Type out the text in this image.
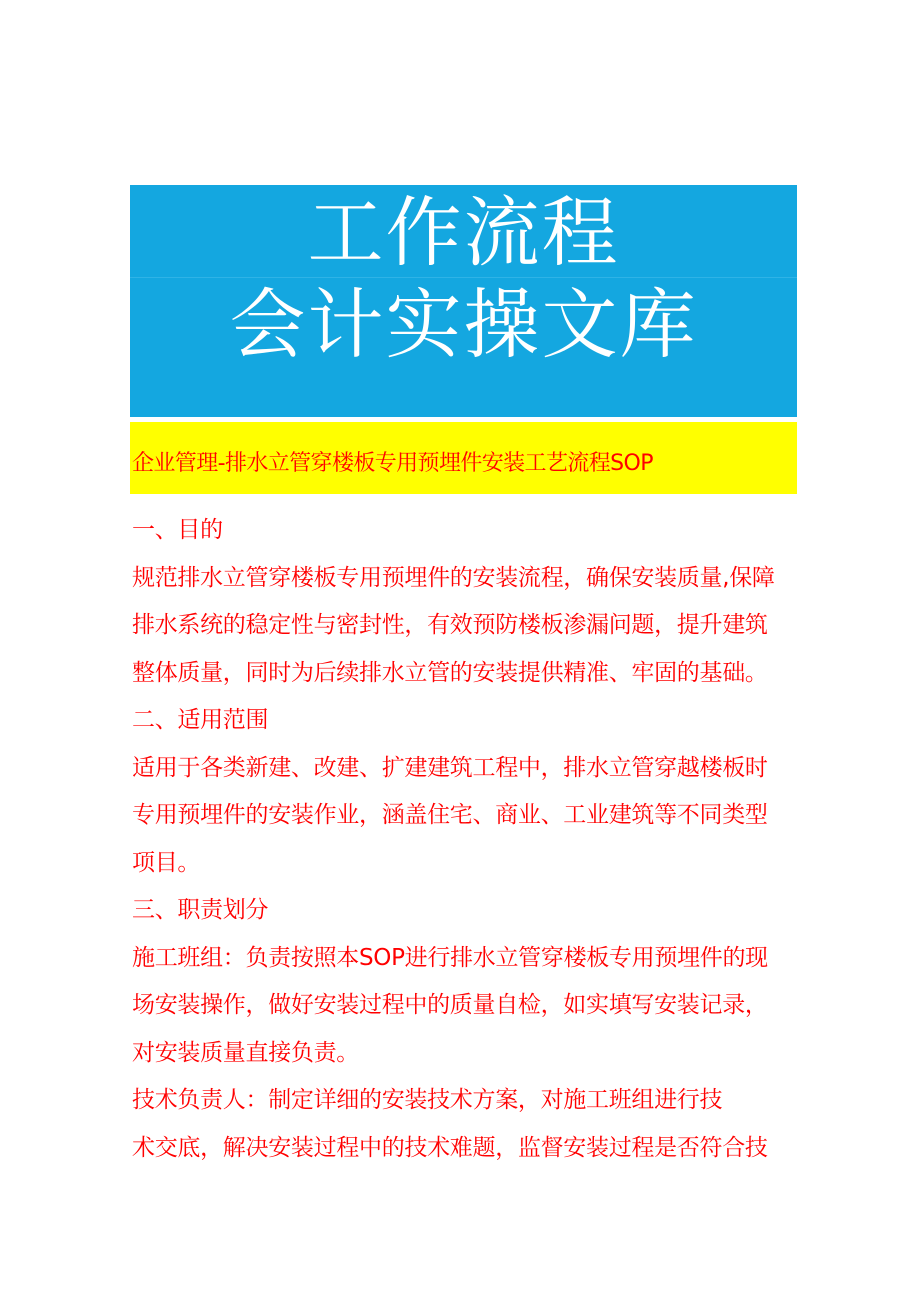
工作流程
会计实操文库
企业管理-排水立管穿楼板专用预埋件安装工艺流程SOP
一、目的
规范排水立管穿楼板专用预埋件的安装流程，确保安装质量,保障
排水系统的稳定性与密封性，有效预防楼板渗漏问题，提升建筑
整体质量，同时为后续排水立管的安装提供精准、牢固的基础。
二、适用范围
适用于各类新建、改建、扩建建筑工程中，排水立管穿越楼板时
专用预埋件的安装作业，涵盖住宅、商业、工业建筑等不同类型
项目。
三、职责划分
施工班组：负责按照本SOP进行排水立管穿楼板专用预埋件的现
场安装操作，做好安装过程中的质量自检，如实填写安装记录，
对安装质量直接负责。
技术负责人：制定详细的安装技术方案，对施工班组进行技
术交底，解决安装过程中的技术难题，监督安装过程是否符合技
